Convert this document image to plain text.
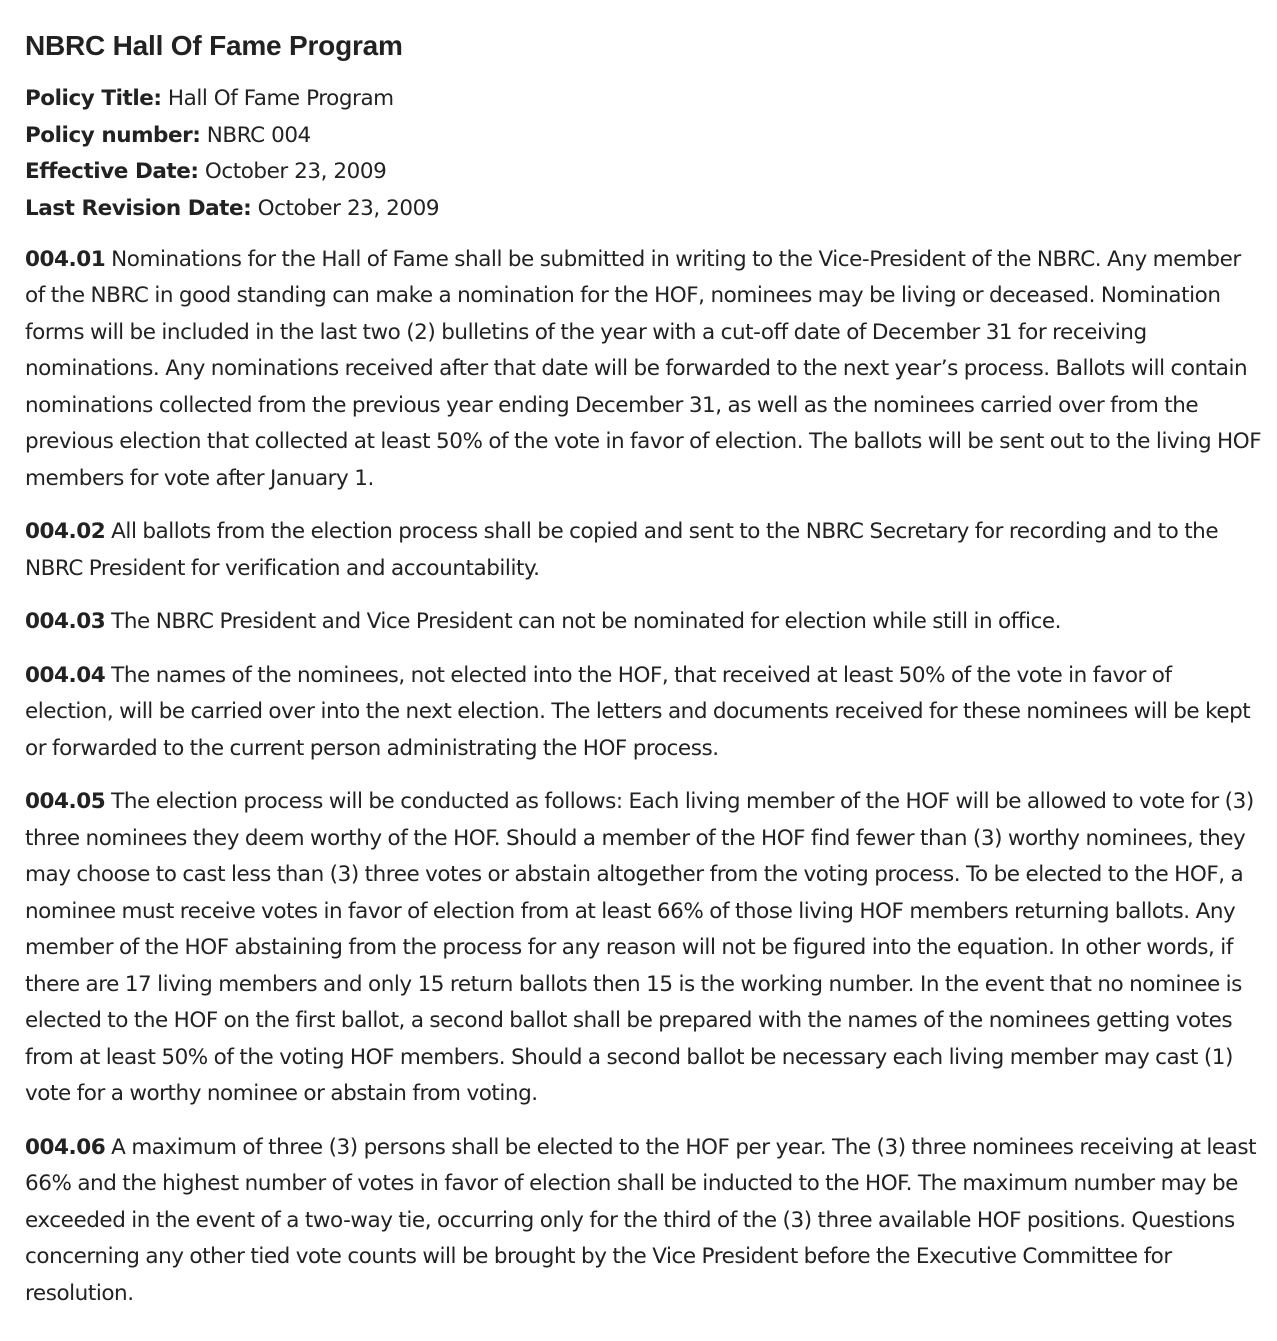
NBRC Hall Of Fame Program
Policy Title: Hall Of Fame Program
Policy number: NBRC 004
Effective Date: October 23, 2009
Last Revision Date: October 23, 2009

004.01 Nominations for the Hall of Fame shall be submitted in writing to the Vice-President of the NBRC. Any member of the NBRC in good standing can make a nomination for the HOF, nominees may be living or deceased. Nomination forms will be included in the last two (2) bulletins of the year with a cut-off date of December 31 for receiving nominations. Any nominations received after that date will be forwarded to the next year’s process. Ballots will contain nominations collected from the previous year ending December 31, as well as the nominees carried over from the previous election that collected at least 50% of the vote in favor of election. The ballots will be sent out to the living HOF members for vote after January 1.

004.02 All ballots from the election process shall be copied and sent to the NBRC Secretary for recording and to the NBRC President for verification and accountability.

004.03 The NBRC President and Vice President can not be nominated for election while still in office.

004.04 The names of the nominees, not elected into the HOF, that received at least 50% of the vote in favor of election, will be carried over into the next election. The letters and documents received for these nominees will be kept or forwarded to the current person administrating the HOF process.

004.05 The election process will be conducted as follows: Each living member of the HOF will be allowed to vote for (3) three nominees they deem worthy of the HOF. Should a member of the HOF find fewer than (3) worthy nominees, they may choose to cast less than (3) three votes or abstain altogether from the voting process. To be elected to the HOF, a nominee must receive votes in favor of election from at least 66% of those living HOF members returning ballots. Any member of the HOF abstaining from the process for any reason will not be figured into the equation. In other words, if there are 17 living members and only 15 return ballots then 15 is the working number. In the event that no nominee is elected to the HOF on the first ballot, a second ballot shall be prepared with the names of the nominees getting votes from at least 50% of the voting HOF members. Should a second ballot be necessary each living member may cast (1) vote for a worthy nominee or abstain from voting.

004.06 A maximum of three (3) persons shall be elected to the HOF per year. The (3) three nominees receiving at least 66% and the highest number of votes in favor of election shall be inducted to the HOF. The maximum number may be exceeded in the event of a two-way tie, occurring only for the third of the (3) three available HOF positions. Questions concerning any other tied vote counts will be brought by the Vice President before the Executive Committee for resolution.
